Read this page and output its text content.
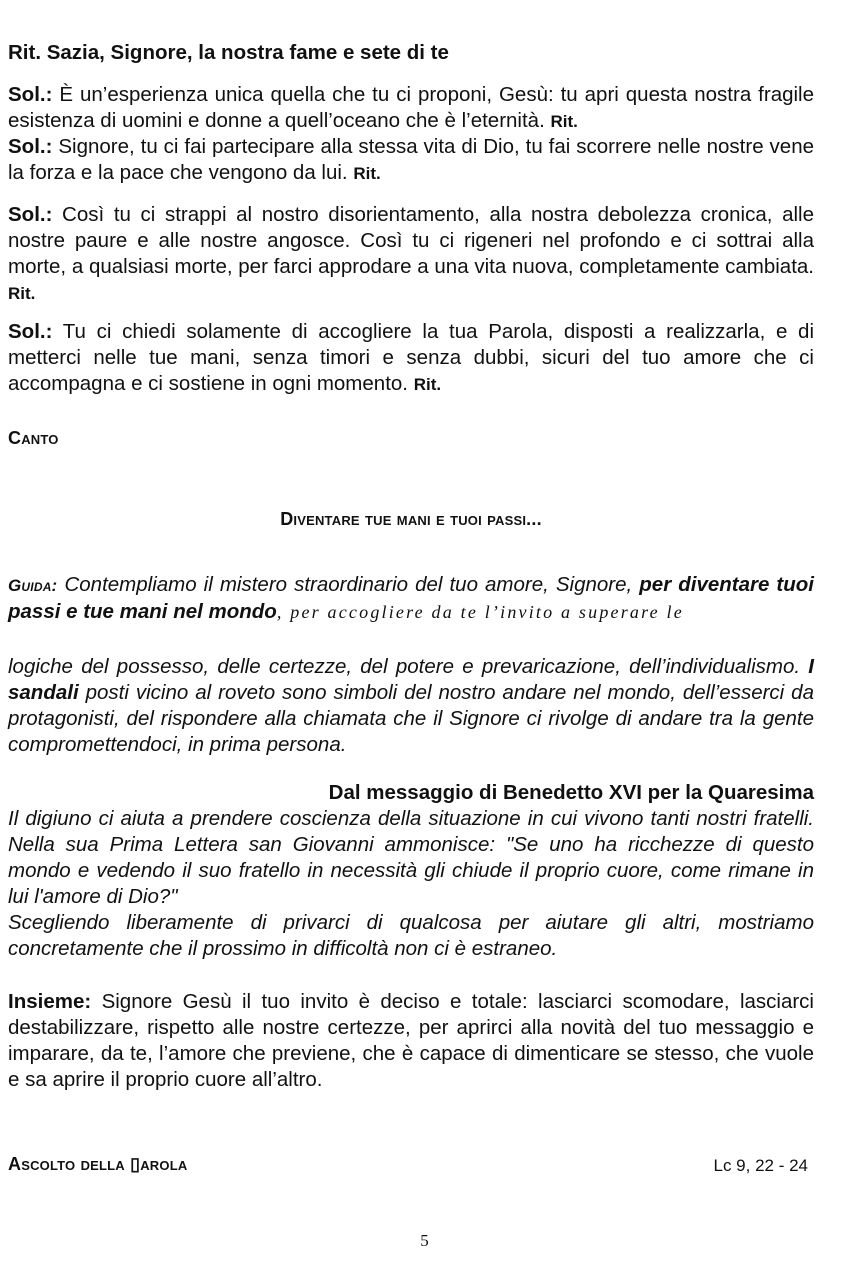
Rit. Sazia, Signore, la nostra fame e sete di te

Sol.: È un’esperienza unica quella che tu ci proponi, Gesù: tu apri questa nostra fragile esistenza di uomini e donne a quell’oceano che è l’eternità. Rit.

Sol.: Signore, tu ci fai partecipare alla stessa vita di Dio, tu fai scorrere nelle nostre vene la forza e la pace che vengono da lui. Rit.

Sol.: Così tu ci strappi al nostro disorientamento, alla nostra debolezza cronica, alle nostre paure e alle nostre angosce. Così tu ci rigeneri nel profondo e ci sottrai alla morte, a qualsiasi morte, per farci approdare a una vita nuova, completamente cambiata. Rit.

Sol.: Tu ci chiedi solamente di accogliere la tua Parola, disposti a realizzarla, e di metterci nelle tue mani, senza timori e senza dubbi, sicuri del tuo amore che ci accompagna e ci sostiene in ogni momento. Rit.

Canto

Diventare tue mani e tuoi passi...

Guida: Contempliamo il mistero straordinario del tuo amore, Signore, per diventare tuoi passi e tue mani nel mondo, per accogliere da te l’invito a superare le

logiche del possesso, delle certezze, del potere e prevaricazione, dell’individualismo. I sandali posti vicino al roveto sono simboli del nostro andare nel mondo, dell’esserci da protagonisti, del rispondere alla chiamata che il Signore ci rivolge di andare tra la gente compromettendoci, in prima persona.

Dal messaggio di Benedetto XVI per la Quaresima

Il digiuno ci aiuta a prendere coscienza della situazione in cui vivono tanti nostri fratelli. Nella sua Prima Lettera san Giovanni ammonisce: "Se uno ha ricchezze di questo mondo e vedendo il suo fratello in necessità gli chiude il proprio cuore, come rimane in lui l'amore di Dio?"

Scegliendo liberamente di privarci di qualcosa per aiutare gli altri, mostriamo concretamente che il prossimo in difficoltà non ci è estraneo.

Insieme: Signore Gesù il tuo invito è deciso e totale: lasciarci scomodare, lasciarci destabilizzare, rispetto alle nostre certezze, per aprirci alla novità del tuo messaggio e imparare, da te, l’amore che previene, che è capace di dimenticare se stesso, che vuole e sa aprire il proprio cuore all’altro.

Ascolto della ▯arola	Lc 9, 22 - 24
5
